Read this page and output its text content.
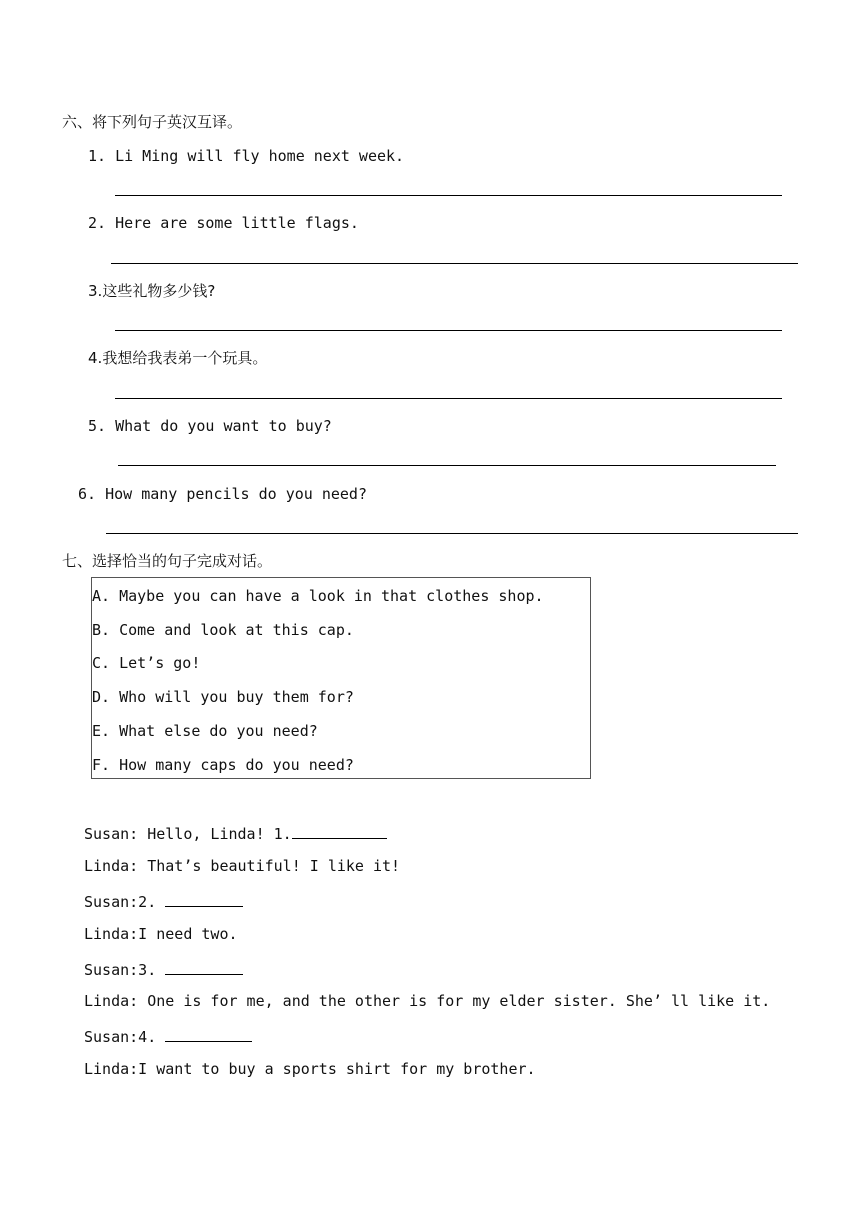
六、将下列句子英汉互译。
1. Li Ming will fly home next week.
2. Here are some little flags.
3.这些礼物多少钱?
4.我想给我表弟一个玩具。
5. What do you want to buy?
6. How many pencils do you need?
七、选择恰当的句子完成对话。
A. Maybe you can have a look in that clothes shop.
B. Come and look at this cap.
C. Let’s go!
D. Who will you buy them for?
E. What else do you need?
F. How many caps do you need?
Susan: Hello, Linda! 1.
Linda: That’s beautiful! I like it!
Susan:2.
Linda:I need two.
Susan:3.
Linda: One is for me, and the other is for my elder sister. She’ ll like it.
Susan:4.
Linda:I want to buy a sports shirt for my brother.
